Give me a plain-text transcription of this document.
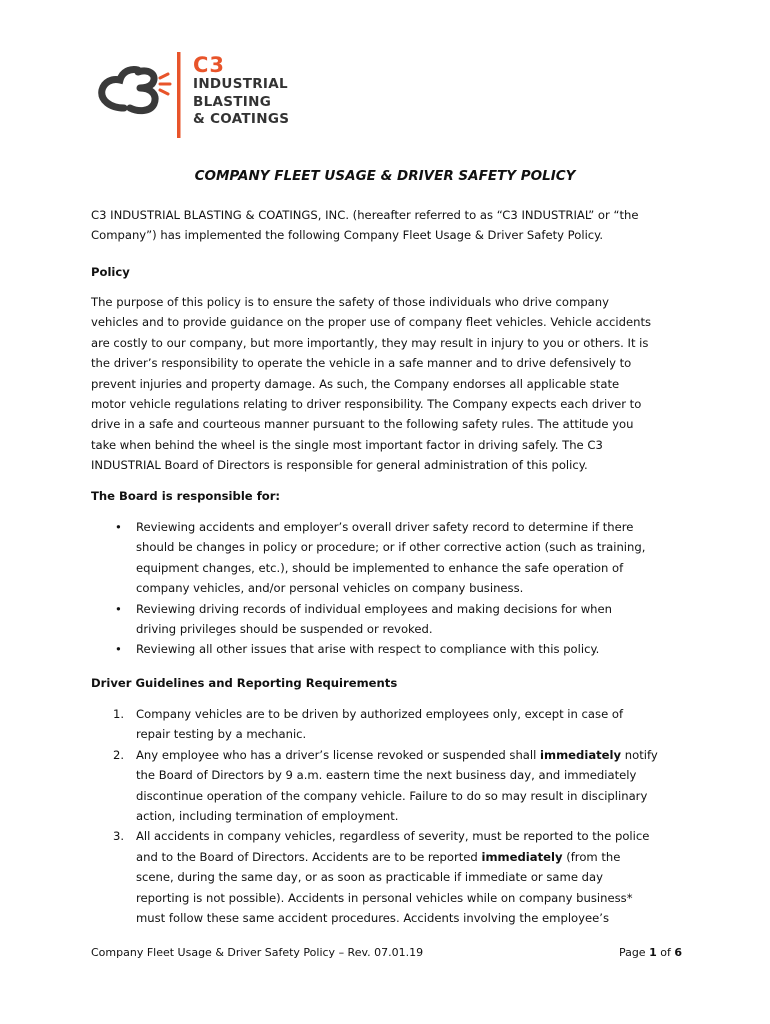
C3
INDUSTRIAL
BLASTING
& COATINGS
COMPANY FLEET USAGE & DRIVER SAFETY POLICY
C3 INDUSTRIAL BLASTING & COATINGS, INC. (hereafter referred to as “C3 INDUSTRIAL” or “the
Company”) has implemented the following Company Fleet Usage & Driver Safety Policy.
Policy
The purpose of this policy is to ensure the safety of those individuals who drive company
vehicles and to provide guidance on the proper use of company fleet vehicles. Vehicle accidents
are costly to our company, but more importantly, they may result in injury to you or others. It is
the driver’s responsibility to operate the vehicle in a safe manner and to drive defensively to
prevent injuries and property damage. As such, the Company endorses all applicable state
motor vehicle regulations relating to driver responsibility. The Company expects each driver to
drive in a safe and courteous manner pursuant to the following safety rules. The attitude you
take when behind the wheel is the single most important factor in driving safely. The C3
INDUSTRIAL Board of Directors is responsible for general administration of this policy.
The Board is responsible for:
• Reviewing accidents and employer’s overall driver safety record to determine if there
should be changes in policy or procedure; or if other corrective action (such as training,
equipment changes, etc.), should be implemented to enhance the safe operation of
company vehicles, and/or personal vehicles on company business.
• Reviewing driving records of individual employees and making decisions for when
driving privileges should be suspended or revoked.
• Reviewing all other issues that arise with respect to compliance with this policy.
Driver Guidelines and Reporting Requirements
1. Company vehicles are to be driven by authorized employees only, except in case of
repair testing by a mechanic.
2. Any employee who has a driver’s license revoked or suspended shall immediately notify
the Board of Directors by 9 a.m. eastern time the next business day, and immediately
discontinue operation of the company vehicle. Failure to do so may result in disciplinary
action, including termination of employment.
3. All accidents in company vehicles, regardless of severity, must be reported to the police
and to the Board of Directors. Accidents are to be reported immediately (from the
scene, during the same day, or as soon as practicable if immediate or same day
reporting is not possible). Accidents in personal vehicles while on company business*
must follow these same accident procedures. Accidents involving the employee’s
Company Fleet Usage & Driver Safety Policy – Rev. 07.01.19	Page 1 of 6
